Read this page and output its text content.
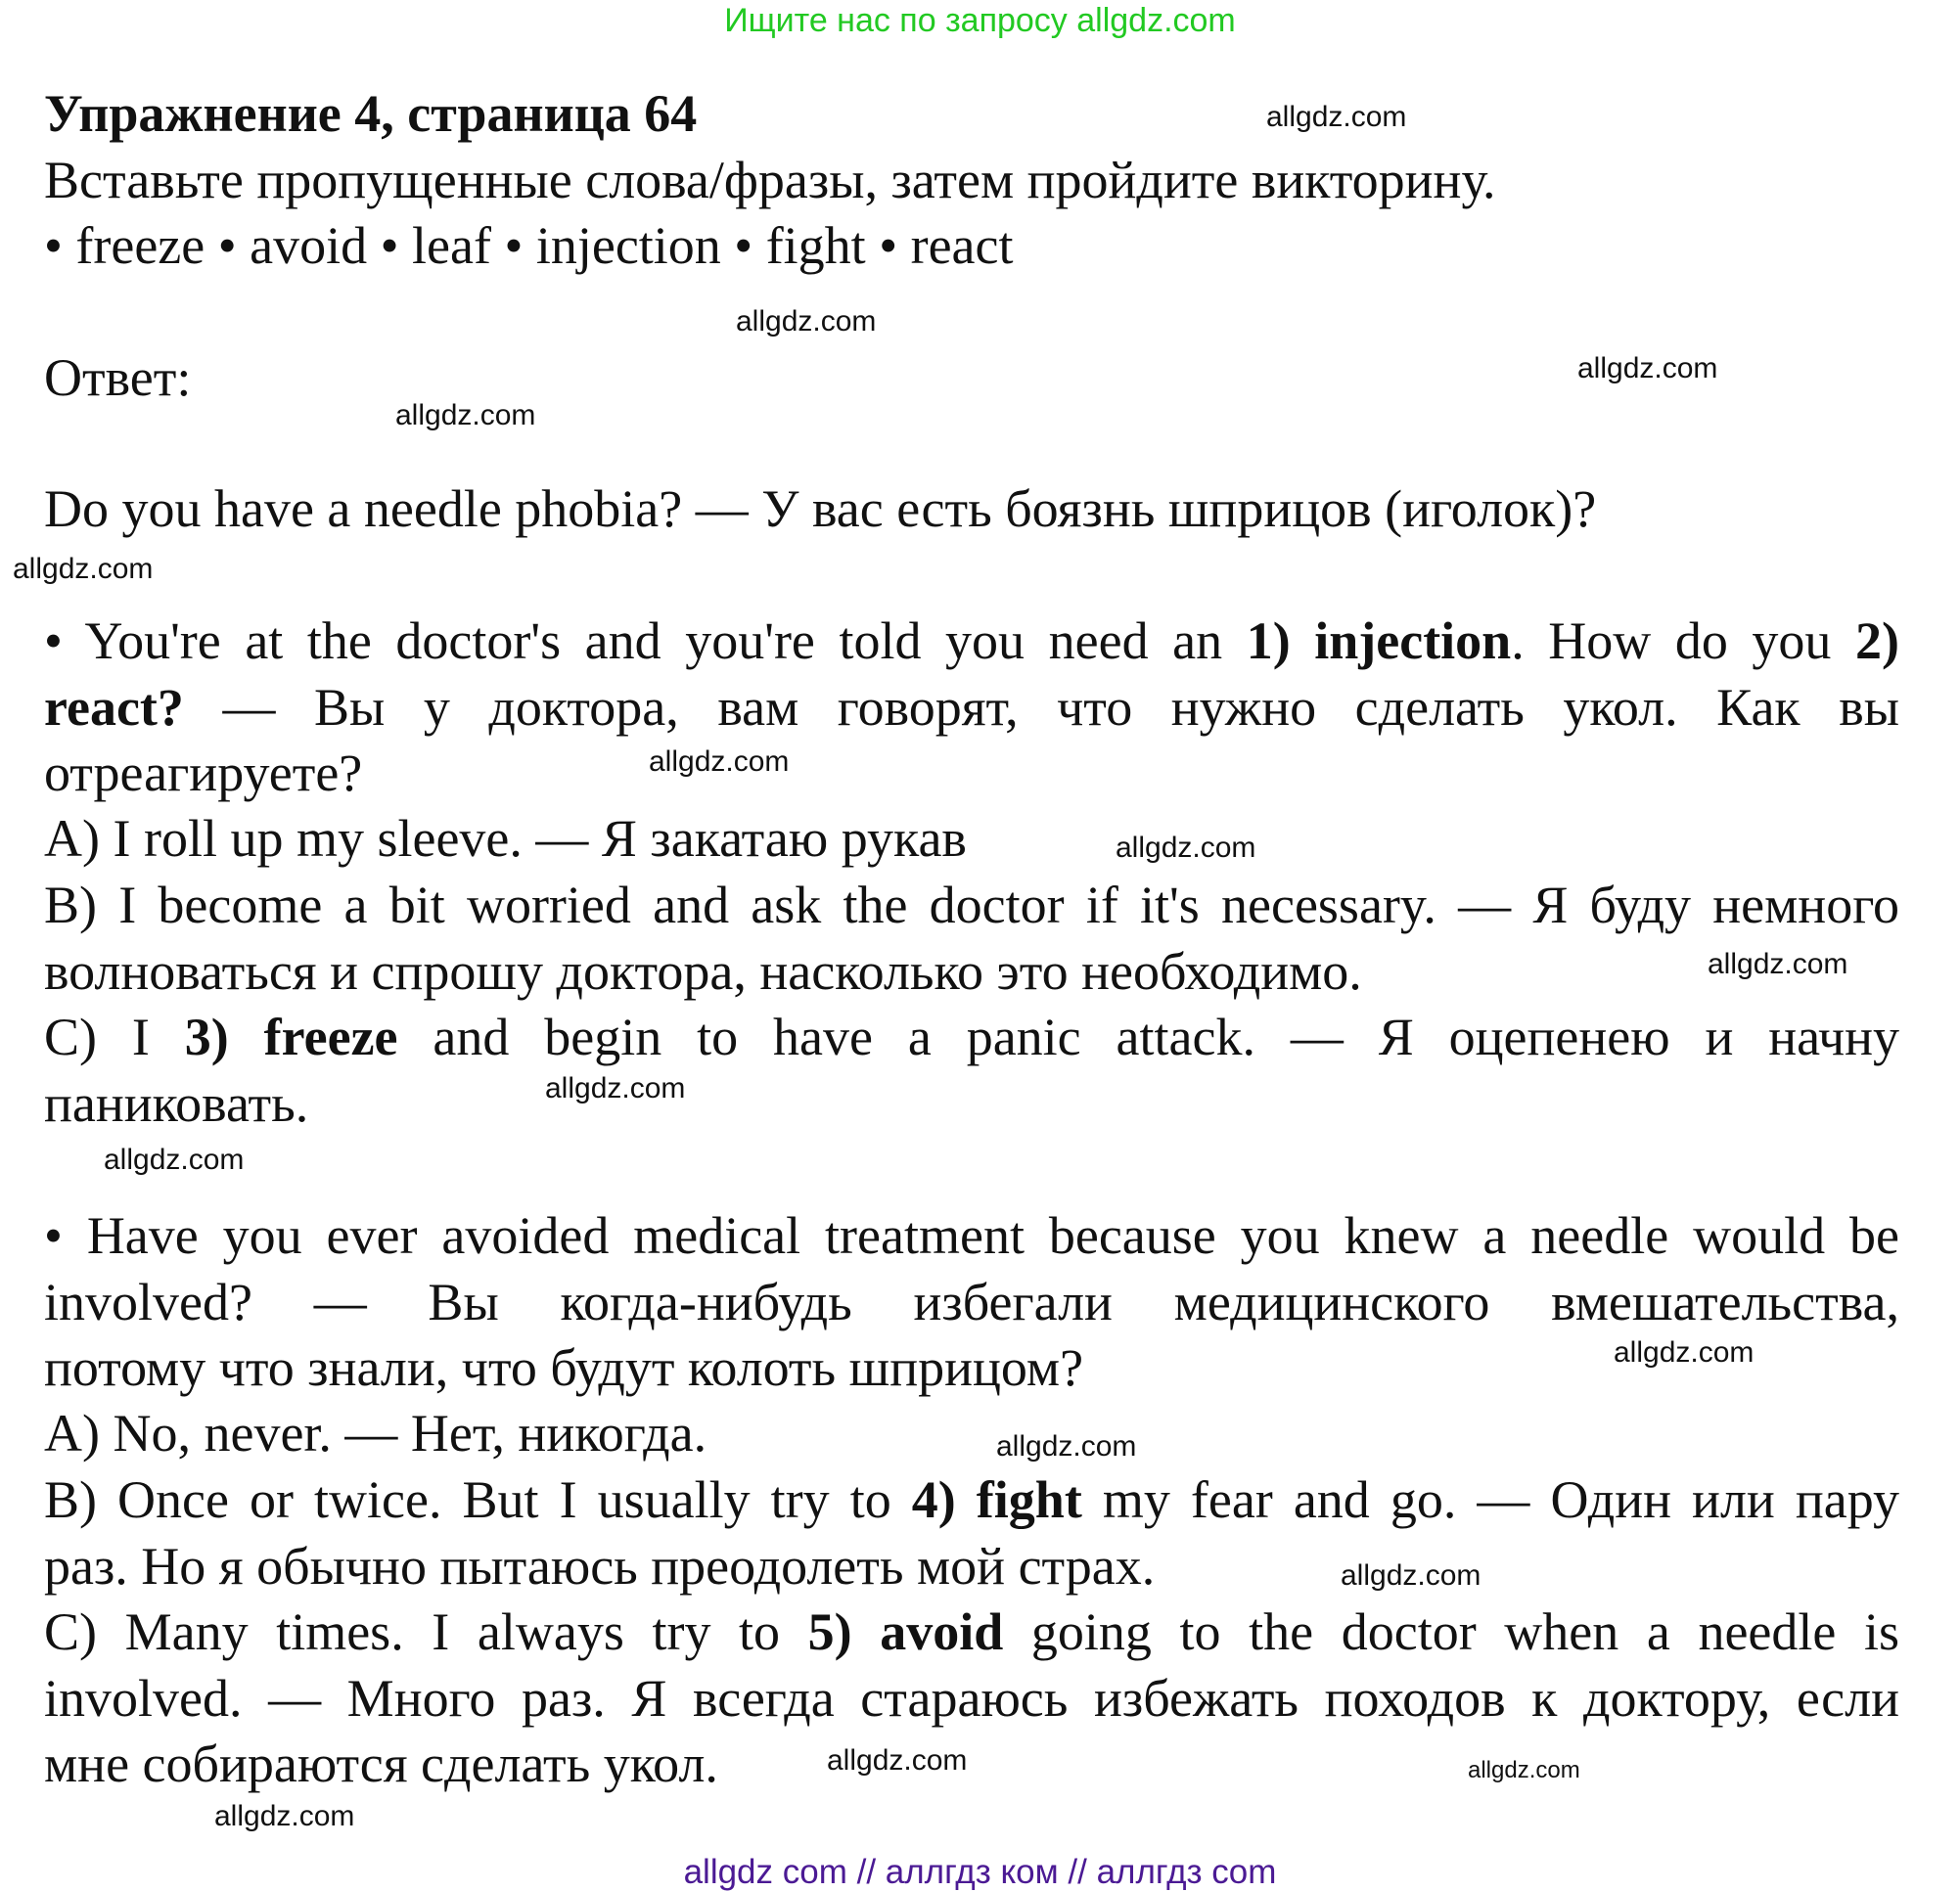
Ищите нас по запросу allgdz.com
Упражнение 4, страница 64
Вставьте пропущенные слова/фразы, затем пройдите викторину.
• freeze • avoid • leaf • injection • fight • react
Ответ:
Do you have a needle phobia? — У вас есть боязнь шприцов (иголок)?
• You're at the doctor's and you're told you need an 1) injection. How do you 2)
react? — Вы у доктора, вам говорят, что нужно сделать укол. Как вы
отреагируете?
A) I roll up my sleeve. — Я закатаю рукав
B) I become a bit worried and ask the doctor if it's necessary. — Я буду немного
волноваться и спрошу доктора, насколько это необходимо.
C) I 3) freeze and begin to have a panic attack. — Я оцепенею и начну
паниковать.
• Have you ever avoided medical treatment because you knew a needle would be
involved? — Вы когда-нибудь избегали медицинского вмешательства,
потому что знали, что будут колоть шприцом?
A) No, never. — Нет, никогда.
B) Once or twice. But I usually try to 4) fight my fear and go. — Один или пару
раз. Но я обычно пытаюсь преодолеть мой страх.
C) Many times. I always try to 5) avoid going to the doctor when a needle is
involved. — Много раз. Я всегда стараюсь избежать походов к доктору, если
мне собираются сделать укол.
allgdz.com
allgdz.com
allgdz.com
allgdz.com
allgdz.com
allgdz.com
allgdz.com
allgdz.com
allgdz.com
allgdz.com
allgdz.com
allgdz.com
allgdz.com
allgdz.com
allgdz.com
allgdz.com
allgdz com // аллгдз ком // аллгдз com
